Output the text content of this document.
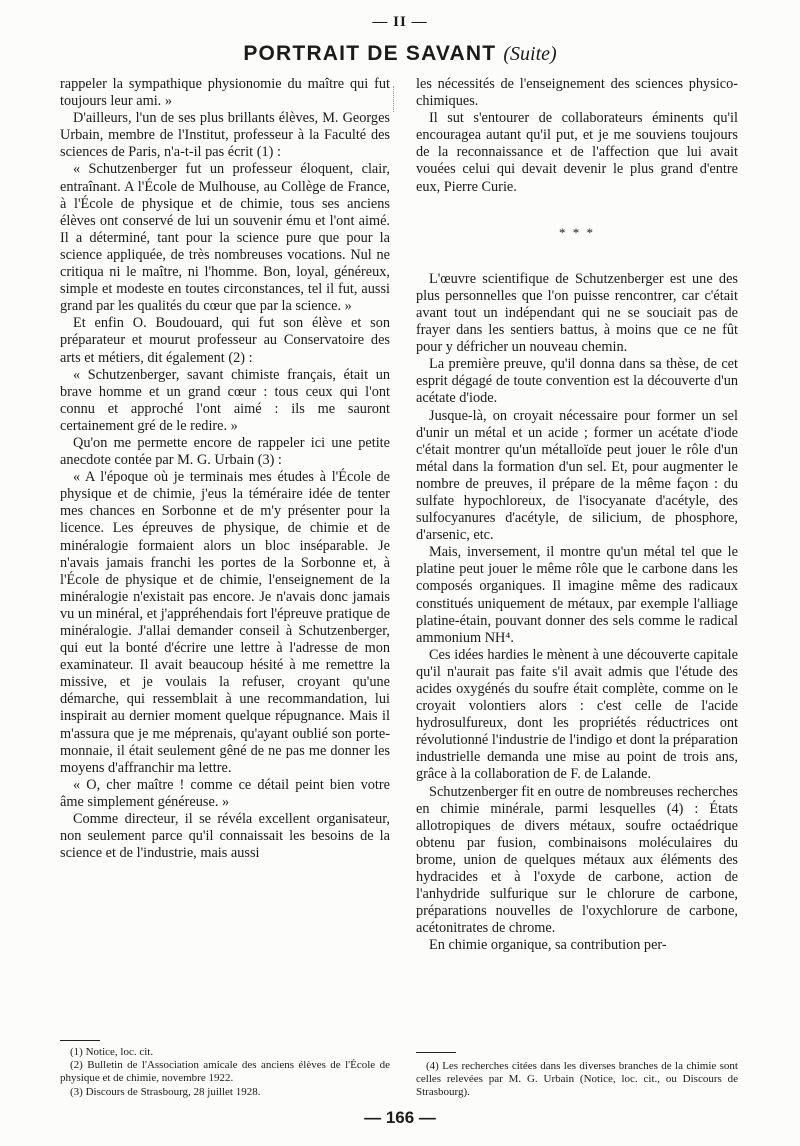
— II —
PORTRAIT DE SAVANT (Suite)

rappeler la sympathique physionomie du maître qui fut toujours leur ami. »

D'ailleurs, l'un de ses plus brillants élèves, M. Georges Urbain, membre de l'Institut, professeur à la Faculté des sciences de Paris, n'a-t-il pas écrit (1) :

« Schutzenberger fut un professeur éloquent, clair, entraînant. A l'École de Mulhouse, au Collège de France, à l'École de physique et de chimie, tous ses anciens élèves ont conservé de lui un souvenir ému et l'ont aimé. Il a déterminé, tant pour la science pure que pour la science appliquée, de très nombreuses vocations. Nul ne critiqua ni le maître, ni l'homme. Bon, loyal, généreux, simple et modeste en toutes circonstances, tel il fut, aussi grand par les qualités du cœur que par la science. »

Et enfin O. Boudouard, qui fut son élève et son préparateur et mourut professeur au Conservatoire des arts et métiers, dit également (2) :

« Schutzenberger, savant chimiste français, était un brave homme et un grand cœur : tous ceux qui l'ont connu et approché l'ont aimé : ils me sauront certainement gré de le redire. »

Qu'on me permette encore de rappeler ici une petite anecdote contée par M. G. Urbain (3) :

« A l'époque où je terminais mes études à l'École de physique et de chimie, j'eus la téméraire idée de tenter mes chances en Sorbonne et de m'y présenter pour la licence. Les épreuves de physique, de chimie et de minéralogie formaient alors un bloc inséparable. Je n'avais jamais franchi les portes de la Sorbonne et, à l'École de physique et de chimie, l'enseignement de la minéralogie n'existait pas encore. Je n'avais donc jamais vu un minéral, et j'appréhendais fort l'épreuve pratique de minéralogie. J'allai demander conseil à Schutzenberger, qui eut la bonté d'écrire une lettre à l'adresse de mon examinateur. Il avait beaucoup hésité à me remettre la missive, et je voulais la refuser, croyant qu'une démarche, qui ressemblait à une recommandation, lui inspirait au dernier moment quelque répugnance. Mais il m'assura que je me méprenais, qu'ayant oublié son porte-monnaie, il était seulement gêné de ne pas me donner les moyens d'affranchir ma lettre.

« O, cher maître ! comme ce détail peint bien votre âme simplement généreuse. »

Comme directeur, il se révéla excellent organisateur, non seulement parce qu'il connaissait les besoins de la science et de l'industrie, mais aussi

les nécessités de l'enseignement des sciences physico-chimiques.

Il sut s'entourer de collaborateurs éminents qu'il encouragea autant qu'il put, et je me souviens toujours de la reconnaissance et de l'affection que lui avait vouées celui qui devait devenir le plus grand d'entre eux, Pierre Curie.

* * *

L'œuvre scientifique de Schutzenberger est une des plus personnelles que l'on puisse rencontrer, car c'était avant tout un indépendant qui ne se souciait pas de frayer dans les sentiers battus, à moins que ce ne fût pour y défricher un nouveau chemin.

La première preuve, qu'il donna dans sa thèse, de cet esprit dégagé de toute convention est la découverte d'un acétate d'iode.

Jusque-là, on croyait nécessaire pour former un sel d'unir un métal et un acide ; former un acétate d'iode c'était montrer qu'un métalloïde peut jouer le rôle d'un métal dans la formation d'un sel. Et, pour augmenter le nombre de preuves, il prépare de la même façon : du sulfate hypochloreux, de l'isocyanate d'acétyle, des sulfocyanures d'acétyle, de silicium, de phosphore, d'arsenic, etc.

Mais, inversement, il montre qu'un métal tel que le platine peut jouer le même rôle que le carbone dans les composés organiques. Il imagine même des radicaux constitués uniquement de métaux, par exemple l'alliage platine-étain, pouvant donner des sels comme le radical ammonium NH⁴.

Ces idées hardies le mènent à une découverte capitale qu'il n'aurait pas faite s'il avait admis que l'étude des acides oxygénés du soufre était complète, comme on le croyait volontiers alors : c'est celle de l'acide hydrosulfureux, dont les propriétés réductrices ont révolutionné l'industrie de l'indigo et dont la préparation industrielle demanda une mise au point de trois ans, grâce à la collaboration de F. de Lalande.

Schutzenberger fit en outre de nombreuses recherches en chimie minérale, parmi lesquelles (4) : États allotropiques de divers métaux, soufre octaédrique obtenu par fusion, combinaisons moléculaires du brome, union de quelques métaux aux éléments des hydracides et à l'oxyde de carbone, action de l'anhydride sulfurique sur le chlorure de carbone, préparations nouvelles de l'oxychlorure de carbone, acétonitrates de chrome.

En chimie organique, sa contribution per-

(1) Notice, loc. cit.

(2) Bulletin de l'Association amicale des anciens élèves de l'École de physique et de chimie, novembre 1922.

(3) Discours de Strasbourg, 28 juillet 1928.

(4) Les recherches citées dans les diverses branches de la chimie sont celles relevées par M. G. Urbain (Notice, loc. cit., ou Discours de Strasbourg).

— 166 —
